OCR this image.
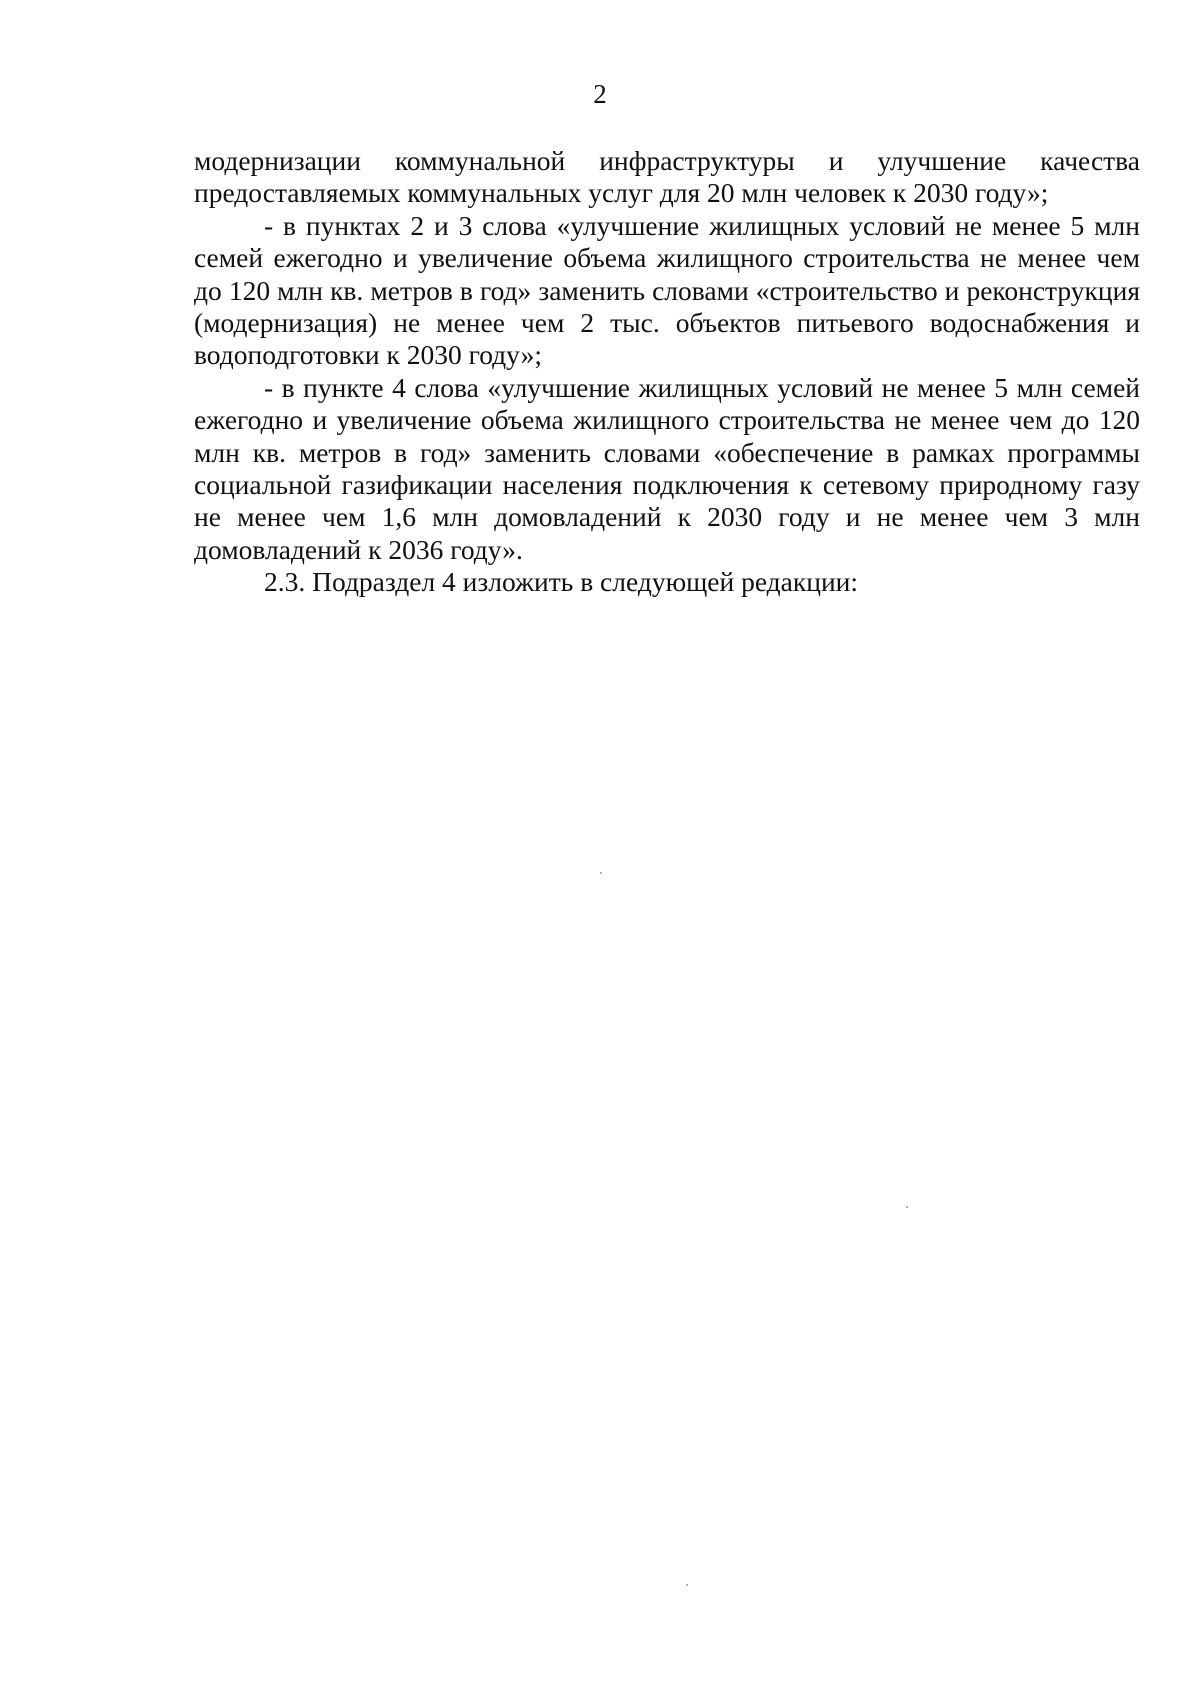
2

модернизации коммунальной инфраструктуры и улучшение качества предоставляемых коммунальных услуг для 20 млн человек к 2030 году»;

- в пунктах 2 и 3 слова «улучшение жилищных условий не менее 5 млн семей ежегодно и увеличение объема жилищного строительства не менее чем до 120 млн кв. метров в год» заменить словами «строительство и реконструкция (модернизация) не менее чем 2 тыс. объектов питьевого водоснабжения и водоподготовки к 2030 году»;

- в пункте 4 слова «улучшение жилищных условий не менее 5 млн семей ежегодно и увеличение объема жилищного строительства не менее чем до 120 млн кв. метров в год» заменить словами «обеспечение в рамках программы социальной газификации населения подключения к сетевому природному газу не менее чем 1,6 млн домовладений к 2030 году и не менее чем 3 млн домовладений к 2036 году».

2.3. Подраздел 4 изложить в следующей редакции:
